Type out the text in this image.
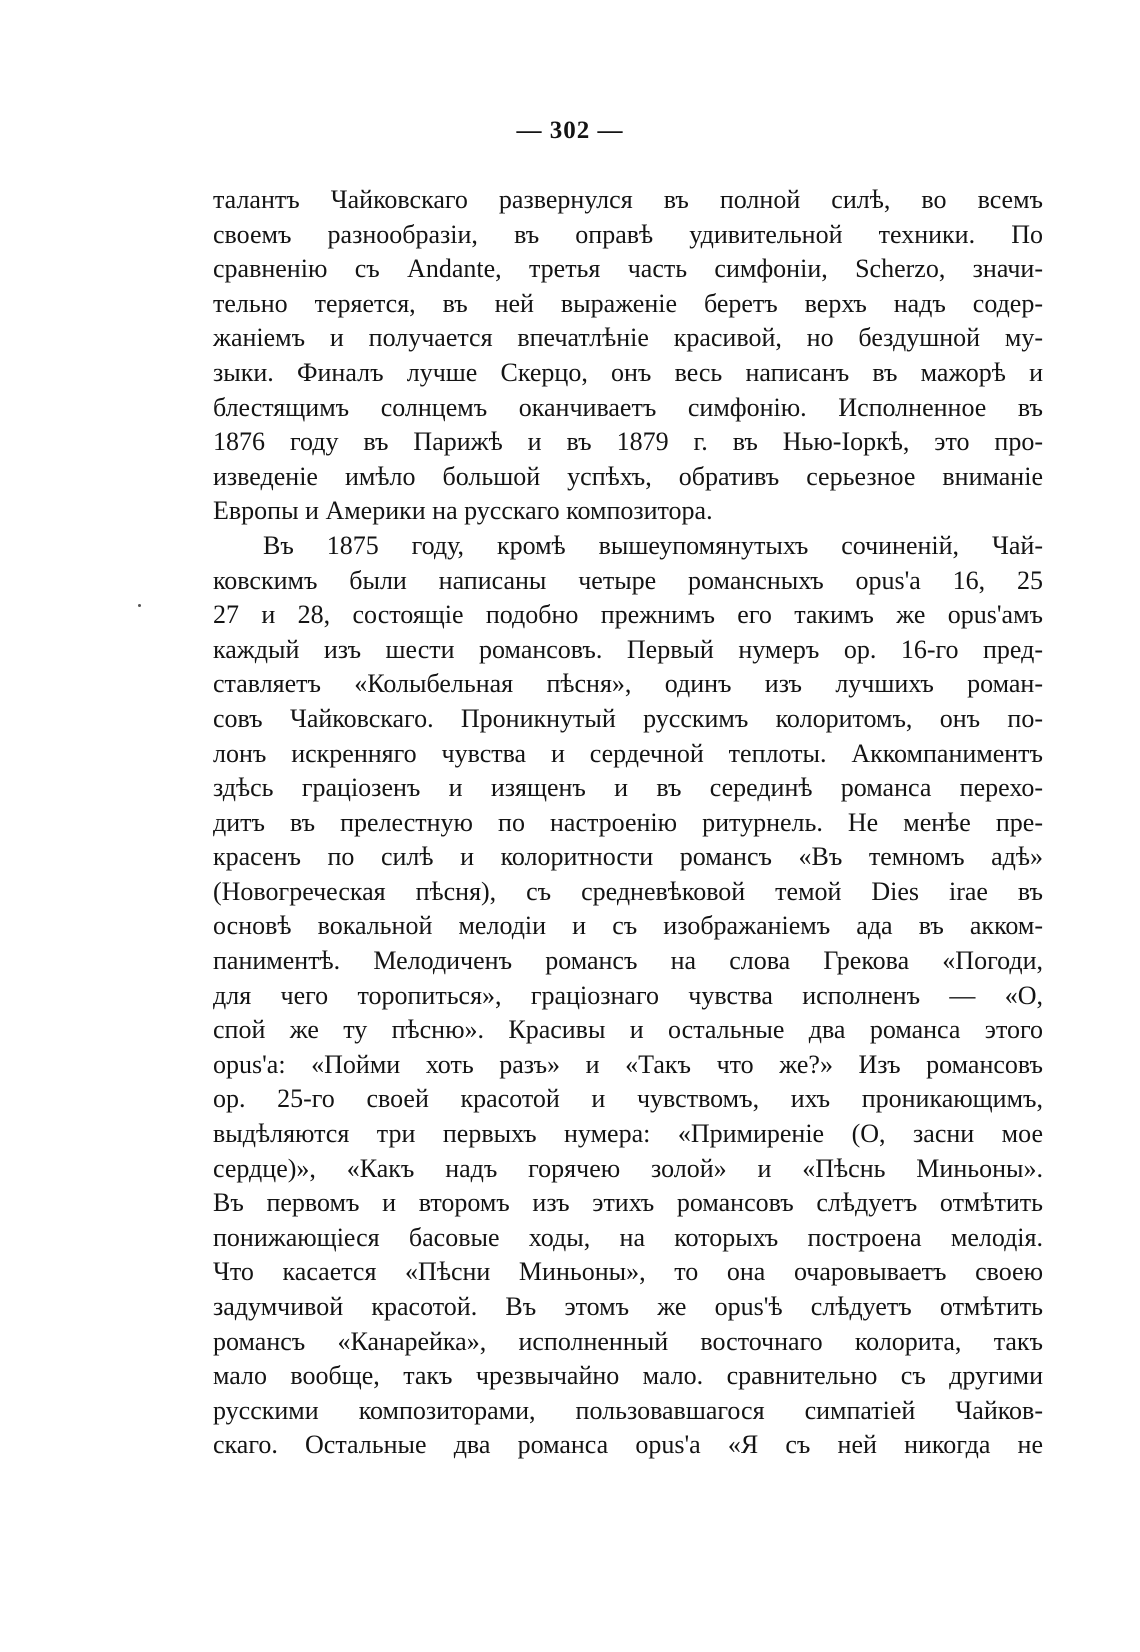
— 302 —
талантъ Чайковскаго развернулся въ полной силѣ, во всемъ
своемъ разнообразіи, въ оправѣ удивительной техники. По
сравненію съ Andante, третья часть симфоніи, Scherzo, значи-
тельно теряется, въ ней выраженіе беретъ верхъ надъ содер-
жаніемъ и получается впечатлѣніе красивой, но бездушной му-
зыки. Финалъ лучше Скерцо, онъ весь написанъ въ мажорѣ и
блестящимъ солнцемъ оканчиваетъ симфонію. Исполненное въ
1876 году въ Парижѣ и въ 1879 г. въ Нью-Іоркѣ, это про-
изведеніе имѣло большой успѣхъ, обративъ серьезное вниманіе
Европы и Америки на русскаго композитора.
Въ 1875 году, кромѣ вышеупомянутыхъ сочиненій, Чай-
ковскимъ были написаны четыре романсныхъ opus'а 16, 25
27 и 28, состоящіе подобно прежнимъ его такимъ же opus'амъ
каждый изъ шести романсовъ. Первый нумеръ op. 16-го пред-
ставляетъ «Колыбельная пѣсня», одинъ изъ лучшихъ роман-
совъ Чайковскаго. Проникнутый русскимъ колоритомъ, онъ по-
лонъ искренняго чувства и сердечной теплоты. Аккомпаниментъ
здѣсь граціозенъ и изященъ и въ серединѣ романса перехо-
дитъ въ прелестную по настроенію ритурнель. Не менѣе пре-
красенъ по силѣ и колоритности романсъ «Въ темномъ адѣ»
(Новогреческая пѣсня), съ средневѣковой темой Dies irae въ
основѣ вокальной мелодіи и съ изображаніемъ ада въ акком-
паниментѣ. Мелодиченъ романсъ на слова Грекова «Погоди,
для чего торопиться», граціознаго чувства исполненъ — «О,
спой же ту пѣсню». Красивы и остальные два романса этого
opus'а: «Пойми хоть разъ» и «Такъ что же?» Изъ романсовъ
op. 25-го своей красотой и чувствомъ, ихъ проникающимъ,
выдѣляются три первыхъ нумера: «Примиреніе (О, засни мое
сердце)», «Какъ надъ горячею золой» и «Пѣснь Миньоны».
Въ первомъ и второмъ изъ этихъ романсовъ слѣдуетъ отмѣтить
понижающіеся басовые ходы, на которыхъ построена мелодія.
Что касается «Пѣсни Миньоны», то она очаровываетъ своею
задумчивой красотой. Въ этомъ же opus'ѣ слѣдуетъ отмѣтить
романсъ «Канарейка», исполненный восточнаго колорита, такъ
мало вообще, такъ чрезвычайно мало. сравнительно съ другими
русскими композиторами, пользовавшагося симпатіей Чайков-
скаго. Остальные два романса opus'а «Я съ ней никогда не
